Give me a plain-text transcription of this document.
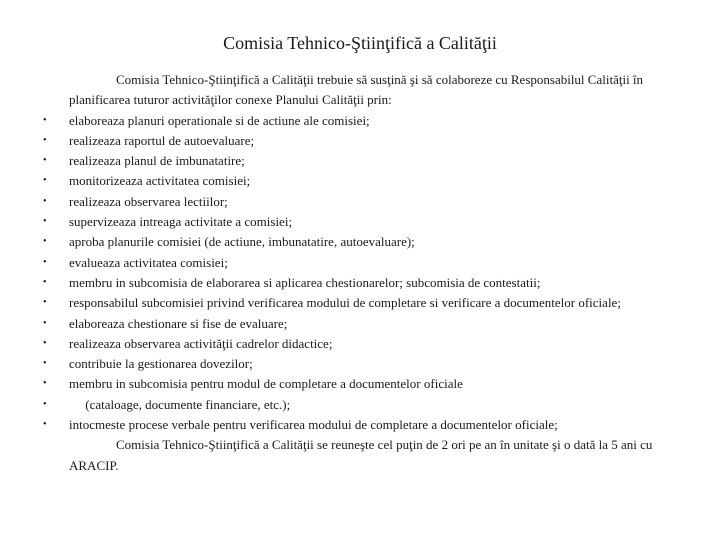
Comisia Tehnico-Ştiinţifică a Calităţii

Comisia Tehnico-Ştiinţifică a Calităţii trebuie să susţină şi să colaboreze cu Responsabilul Calităţii în planificarea tuturor activităţilor conexe Planului Calităţii prin:

• elaboreaza planuri operationale si de actiune ale comisiei;
• realizeaza raportul de autoevaluare;
• realizeaza planul de imbunatatire;
• monitorizeaza activitatea comisiei;
• realizeaza observarea lectiilor;
• supervizeaza intreaga activitate a comisiei;
• aproba planurile comisiei (de actiune, imbunatatire, autoevaluare);
• evalueaza activitatea comisiei;
• membru in subcomisia de elaborarea si aplicarea chestionarelor; subcomisia de contestatii;
• responsabilul subcomisiei privind verificarea modului de completare si verificare a documentelor oficiale;
• elaboreaza chestionare si fise de evaluare;
• realizeaza observarea activităţii cadrelor didactice;
• contribuie la gestionarea dovezilor;
• membru in subcomisia pentru modul de completare a documentelor oficiale
• (cataloage, documente financiare, etc.);
• intocmeste procese verbale pentru verificarea modului de completare a documentelor oficiale;

Comisia Tehnico-Ştiinţifică a Calităţii se reuneşte cel puţin de 2 ori pe an în unitate şi o dată la 5 ani cu ARACIP.
